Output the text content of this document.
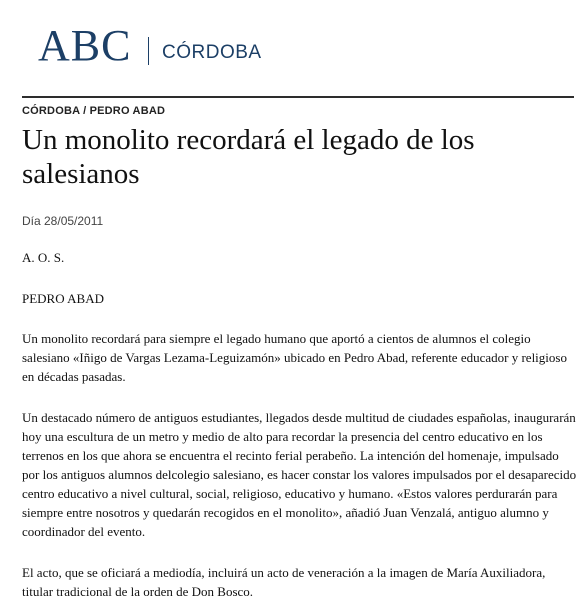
ABC CÓRDOBA
CÓRDOBA / PEDRO ABAD
Un monolito recordará el legado de los salesianos

Día 28/05/2011

A. O. S.

PEDRO ABAD

Un monolito recordará para siempre el legado humano que aportó a cientos de alumnos el colegio salesiano «Iñigo de Vargas Lezama-Leguizamón» ubicado en Pedro Abad, referente educador y religioso en décadas pasadas.

Un destacado número de antiguos estudiantes, llegados desde multitud de ciudades españolas, inaugurarán hoy una escultura de un metro y medio de alto para recordar la presencia del centro educativo en los terrenos en los que ahora se encuentra el recinto ferial perabeño. La intención del homenaje, impulsado por los antiguos alumnos delcolegio salesiano, es hacer constar los valores impulsados por el desaparecido centro educativo a nivel cultural, social, religioso, educativo y humano. «Estos valores perdurarán para siempre entre nosotros y quedarán recogidos en el monolito», añadió Juan Venzalá, antiguo alumno y coordinador del evento.

El acto, que se oficiará a mediodía, incluirá un acto de veneración a la imagen de María Auxiliadora, titular tradicional de la orden de Don Bosco.
